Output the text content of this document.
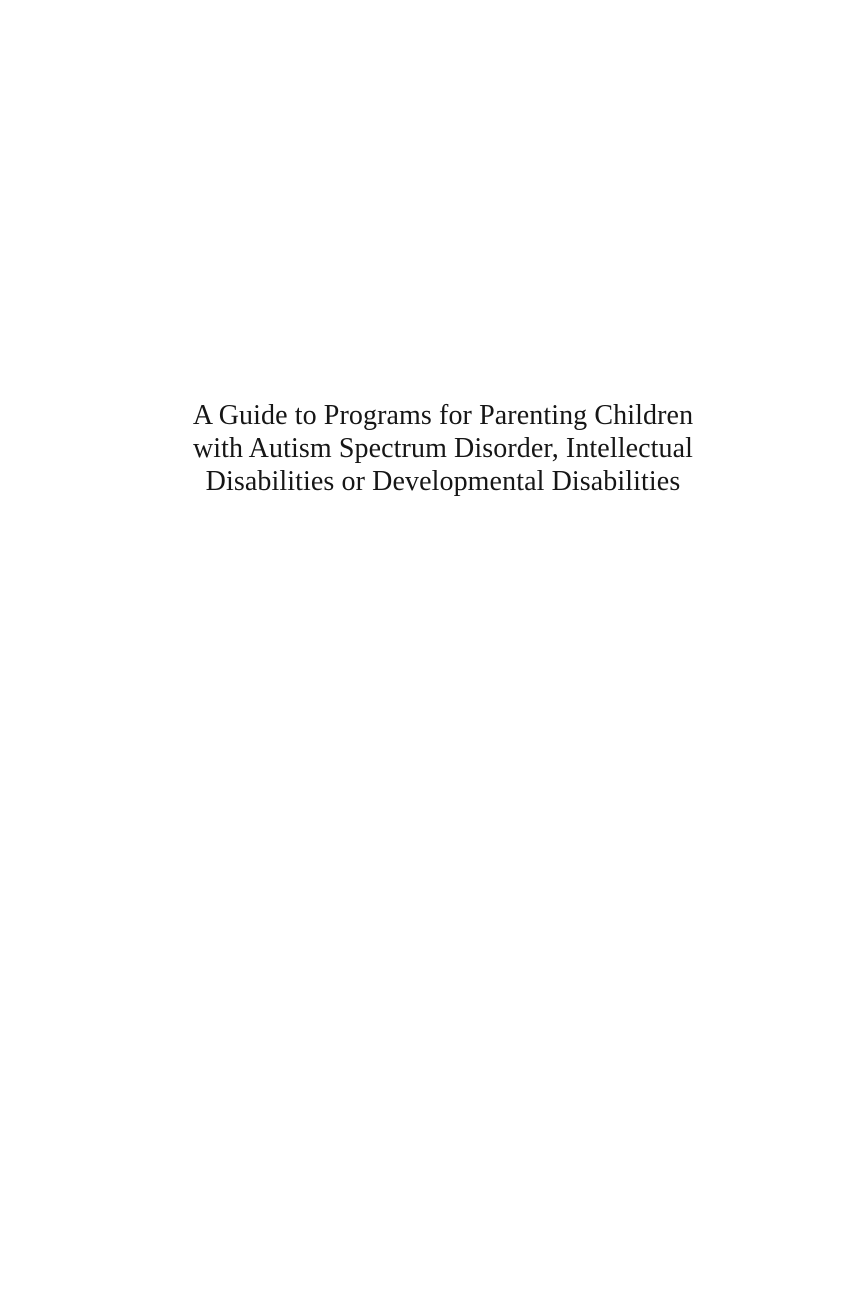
A Guide to Programs for Parenting Children
with Autism Spectrum Disorder, Intellectual
Disabilities or Developmental Disabilities
